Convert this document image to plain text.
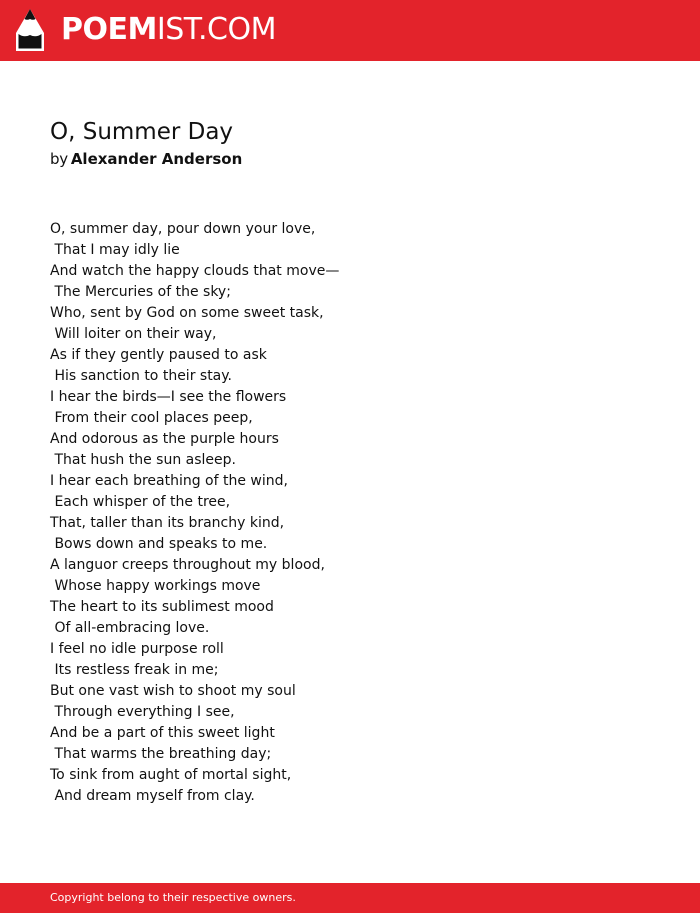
POEMIST.COM
O, Summer Day
by Alexander Anderson
O, summer day, pour down your love,
That I may idly lie
And watch the happy clouds that move—
The Mercuries of the sky;
Who, sent by God on some sweet task,
Will loiter on their way,
As if they gently paused to ask
His sanction to their stay.
I hear the birds—I see the flowers
From their cool places peep,
And odorous as the purple hours
That hush the sun asleep.
I hear each breathing of the wind,
Each whisper of the tree,
That, taller than its branchy kind,
Bows down and speaks to me.
A languor creeps throughout my blood,
Whose happy workings move
The heart to its sublimest mood
Of all-embracing love.
I feel no idle purpose roll
Its restless freak in me;
But one vast wish to shoot my soul
Through everything I see,
And be a part of this sweet light
That warms the breathing day;
To sink from aught of mortal sight,
And dream myself from clay.
Copyright belong to their respective owners.
